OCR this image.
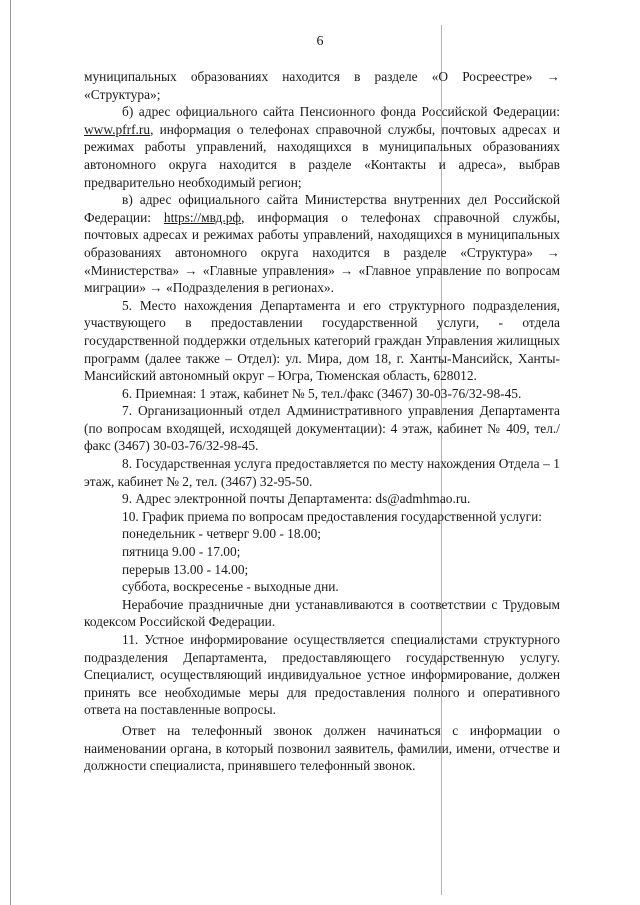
6

муниципальных образованиях находится в разделе «О Росреестре» → «Структура»;

б) адрес официального сайта Пенсионного фонда Российской Федерации: www.pfrf.ru, информация о телефонах справочной службы, почтовых адресах и режимах работы управлений, находящихся в муниципальных образованиях автономного округа находится в разделе «Контакты и адреса», выбрав предварительно необходимый регион;

в) адрес официального сайта Министерства внутренних дел Российской Федерации: https://мвд.рф, информация о телефонах справочной службы, почтовых адресах и режимах работы управлений, находящихся в муниципальных образованиях автономного округа находится в разделе «Структура» → «Министерства» → «Главные управления» → «Главное управление по вопросам миграции» → «Подразделения в регионах».

5. Место нахождения Департамента и его структурного подразделения, участвующего в предоставлении государственной услуги, - отдела государственной поддержки отдельных категорий граждан Управления жилищных программ (далее также – Отдел): ул. Мира, дом 18, г. Ханты-Мансийск, Ханты-Мансийский автономный округ – Югра, Тюменская область, 628012.

6. Приемная: 1 этаж, кабинет № 5, тел./факс (3467) 30-03-76/32-98-45.

7. Организационный отдел Административного управления Департамента (по вопросам входящей, исходящей документации): 4 этаж, кабинет № 409, тел./факс (3467) 30-03-76/32-98-45.

8. Государственная услуга предоставляется по месту нахождения Отдела – 1 этаж, кабинет № 2, тел. (3467) 32-95-50.

9. Адрес электронной почты Департамента: ds@admhmao.ru.

10. График приема по вопросам предоставления государственной услуги:

понедельник - четверг 9.00 - 18.00;

пятница 9.00 - 17.00;

перерыв 13.00 - 14.00;

суббота, воскресенье - выходные дни.

Нерабочие праздничные дни устанавливаются в соответствии с Трудовым кодексом Российской Федерации.

11. Устное информирование осуществляется специалистами структурного подразделения Департамента, предоставляющего государственную услугу. Специалист, осуществляющий индивидуальное устное информирование, должен принять все необходимые меры для предоставления полного и оперативного ответа на поставленные вопросы.

Ответ на телефонный звонок должен начинаться с информации о наименовании органа, в который позвонил заявитель, фамилии, имени, отчестве и должности специалиста, принявшего телефонный звонок.
